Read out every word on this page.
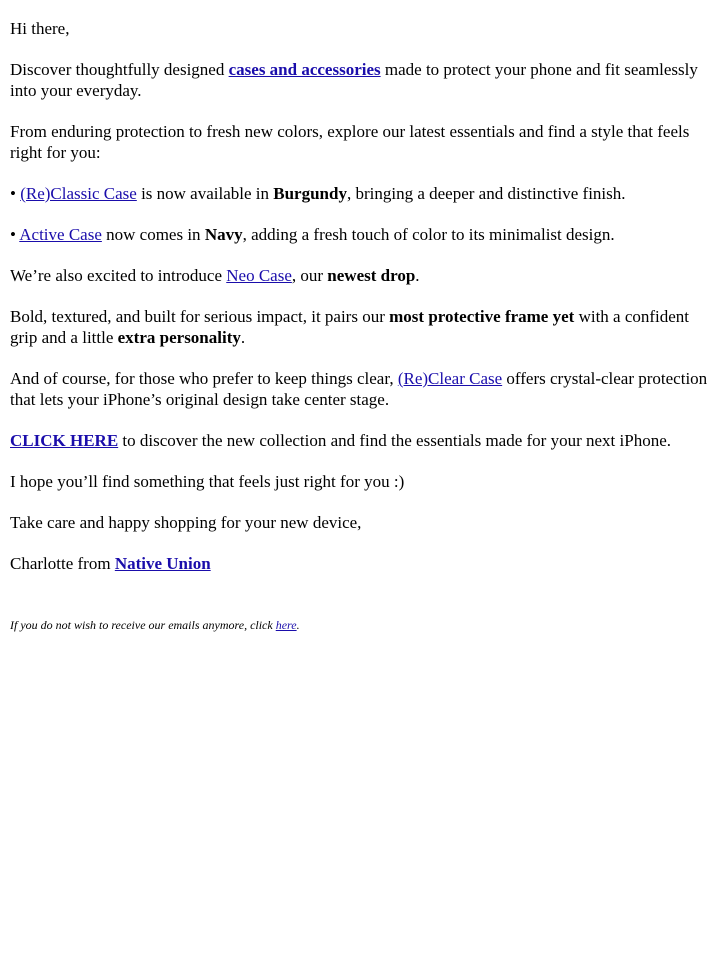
Hi there,

Discover thoughtfully designed cases and accessories made to protect your phone and fit seamlessly into your everyday.

From enduring protection to fresh new colors, explore our latest essentials and find a style that feels right for you:

• (Re)Classic Case is now available in Burgundy, bringing a deeper and distinctive finish.

• Active Case now comes in Navy, adding a fresh touch of color to its minimalist design.

We’re also excited to introduce Neo Case, our newest drop.

Bold, textured, and built for serious impact, it pairs our most protective frame yet with a confident grip and a little extra personality.

And of course, for those who prefer to keep things clear, (Re)Clear Case offers crystal-clear protection that lets your iPhone’s original design take center stage.

CLICK HERE to discover the new collection and find the essentials made for your next iPhone.

I hope you’ll find something that feels just right for you :)

Take care and happy shopping for your new device,

Charlotte from Native Union

If you do not wish to receive our emails anymore, click here.
